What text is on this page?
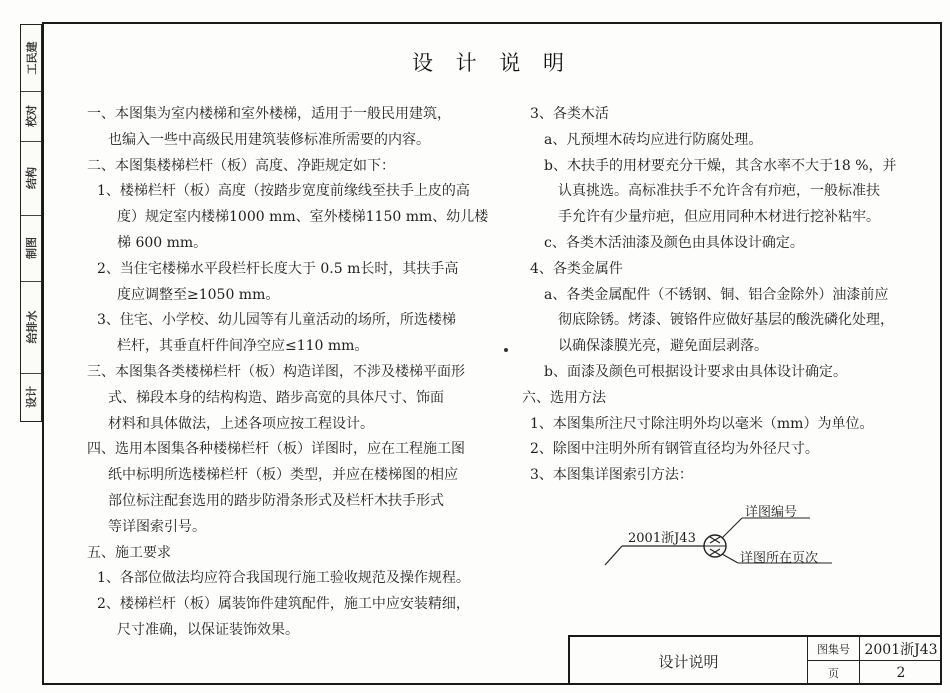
工民建
校对
结构
制图
给排水
设计
设 计 说 明

一、本图集为室内楼梯和室外楼梯，适用于一般民用建筑，

也编入一些中高级民用建筑装修标准所需要的内容。

二、本图集楼梯栏杆（板）高度、净距规定如下：

1、楼梯栏杆（板）高度（按踏步宽度前缘线至扶手上皮的高

度）规定室内楼梯1000 mm、室外楼梯1150 mm、幼儿楼

梯 600 mm。

2、当住宅楼梯水平段栏杆长度大于 0.5 m长时，其扶手高

度应调整至≥1050 mm。

3、住宅、小学校、幼儿园等有儿童活动的场所，所选楼梯

栏杆，其垂直杆件间净空应≤110 mm。

三、本图集各类楼梯栏杆（板）构造详图，不涉及楼梯平面形

式、梯段本身的结构构造、踏步高宽的具体尺寸、饰面

材料和具体做法，上述各项应按工程设计。

四、选用本图集各种楼梯栏杆（板）详图时，应在工程施工图

纸中标明所选楼梯栏杆（板）类型，并应在楼梯图的相应

部位标注配套选用的踏步防滑条形式及栏杆木扶手形式

等详图索引号。

五、施工要求

1、各部位做法均应符合我国现行施工验收规范及操作规程。

2、楼梯栏杆（板）属装饰件建筑配件，施工中应安装精细，

尺寸准确，以保证装饰效果。

3、各类木活

a、凡预埋木砖均应进行防腐处理。

b、木扶手的用材要充分干燥，其含水率不大于18 %，并

认真挑选。高标准扶手不允许含有疖疤，一般标准扶

手允许有少量疖疤，但应用同种木材进行挖补粘牢。

c、各类木活油漆及颜色由具体设计确定。

4、各类金属件

a、各类金属配件（不锈钢、铜、铝合金除外）油漆前应

彻底除锈。烤漆、镀铬件应做好基层的酸洗磷化处理，

以确保漆膜光亮，避免面层剥落。

b、面漆及颜色可根据设计要求由具体设计确定。

六、选用方法

1、本图集所注尺寸除注明外均以毫米（mm）为单位。

2、除图中注明外所有钢管直径均为外径尺寸。

3、本图集详图索引方法：

2001浙J43
详图编号
详图所在页次
设计说明
图集号	2001浙J43
页	2
